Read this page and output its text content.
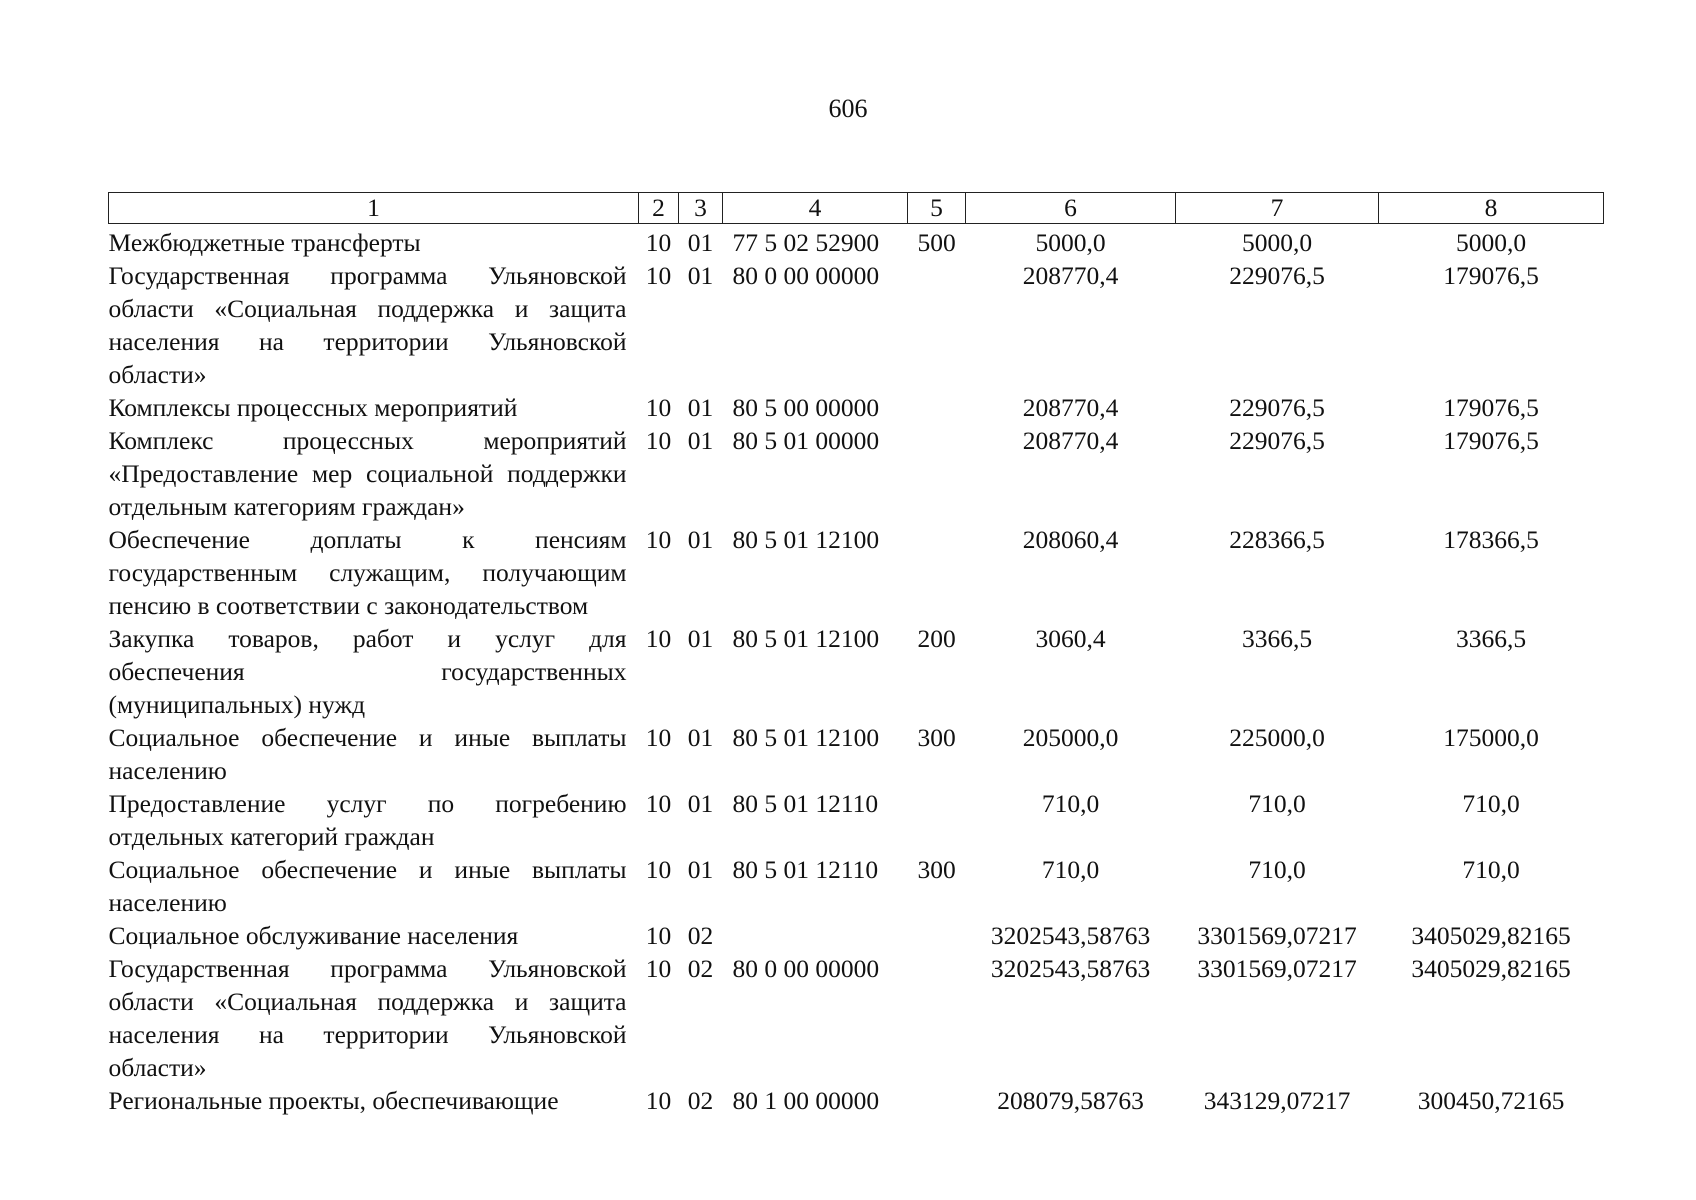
606
1	2	3	4	5	6	7	8
Межбюджетные трансферты	10	01	77 5 02 52900	500	5000,0	5000,0	5000,0
Государственная программа Ульяновской области «Социальная поддержка и защита населения на территории Ульяновской области»	10	01	80 0 00 00000		208770,4	229076,5	179076,5
Комплексы процессных мероприятий	10	01	80 5 00 00000		208770,4	229076,5	179076,5
Комплекс процессных мероприятий «Предоставление мер социальной поддержки отдельным категориям граждан»	10	01	80 5 01 00000		208770,4	229076,5	179076,5
Обеспечение доплаты к пенсиям государственным служащим, получающим пенсию в соответствии с законодательством	10	01	80 5 01 12100		208060,4	228366,5	178366,5
Закупка товаров, работ и услуг для обеспечения государственных (муниципальных) нужд	10	01	80 5 01 12100	200	3060,4	3366,5	3366,5
Социальное обеспечение и иные выплаты населению	10	01	80 5 01 12100	300	205000,0	225000,0	175000,0
Предоставление услуг по погребению отдельных категорий граждан	10	01	80 5 01 12110		710,0	710,0	710,0
Социальное обеспечение и иные выплаты населению	10	01	80 5 01 12110	300	710,0	710,0	710,0
Социальное обслуживание населения	10	02			3202543,58763	3301569,07217	3405029,82165
Государственная программа Ульяновской области «Социальная поддержка и защита населения на территории Ульяновской области»	10	02	80 0 00 00000		3202543,58763	3301569,07217	3405029,82165
Региональные проекты, обеспечивающие	10	02	80 1 00 00000		208079,58763	343129,07217	300450,72165
